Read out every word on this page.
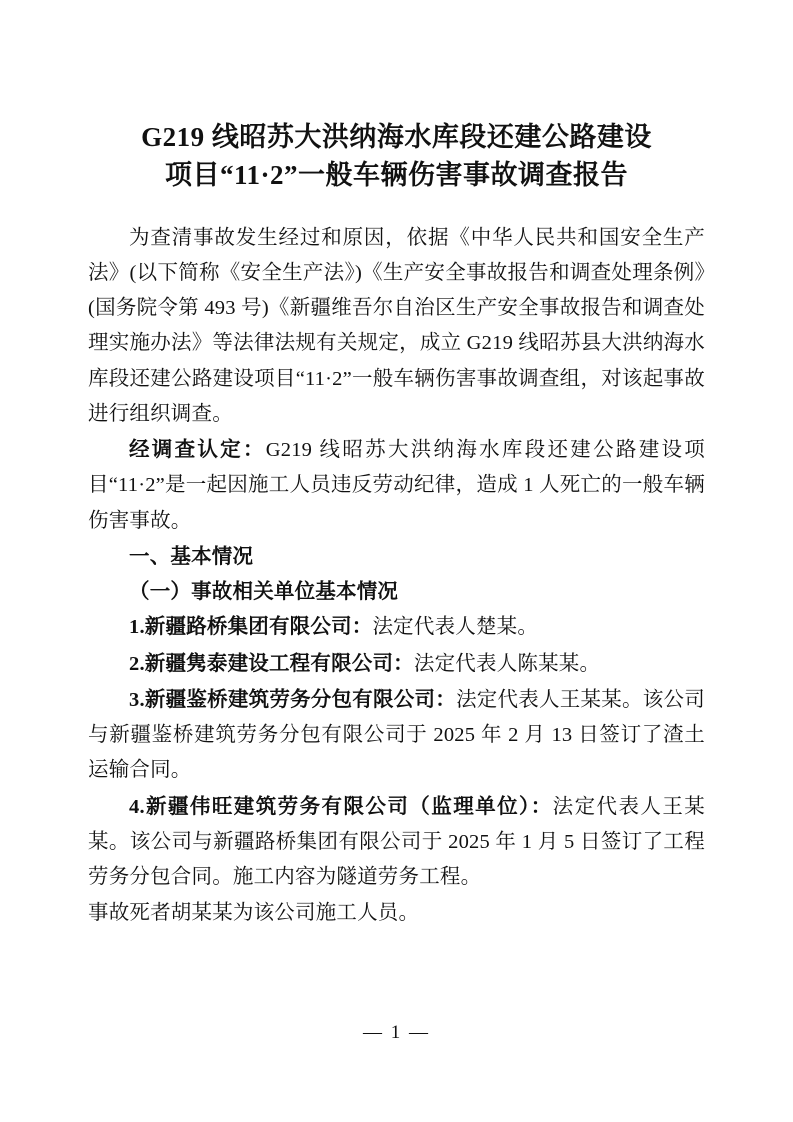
G219 线昭苏大洪纳海水库段还建公路建设
项目“11·2”一般车辆伤害事故调查报告

为查清事故发生经过和原因，依据《中华人民共和国安全生产法》(以下简称《安全生产法》)《生产安全事故报告和调查处理条例》(国务院令第 493 号)《新疆维吾尔自治区生产安全事故报告和调查处理实施办法》等法律法规有关规定，成立 G219 线昭苏县大洪纳海水库段还建公路建设项目“11·2”一般车辆伤害事故调查组，对该起事故进行组织调查。

经调查认定：G219 线昭苏大洪纳海水库段还建公路建设项目“11·2”是一起因施工人员违反劳动纪律，造成 1 人死亡的一般车辆伤害事故。

一、基本情况

（一）事故相关单位基本情况

1.新疆路桥集团有限公司：法定代表人楚某。

2.新疆隽泰建设工程有限公司：法定代表人陈某某。

3.新疆鉴桥建筑劳务分包有限公司：法定代表人王某某。该公司与新疆鉴桥建筑劳务分包有限公司于 2025 年 2 月 13 日签订了渣土运输合同。

4.新疆伟旺建筑劳务有限公司（监理单位）：法定代表人王某某。该公司与新疆路桥集团有限公司于 2025 年 1 月 5 日签订了工程劳务分包合同。施工内容为隧道劳务工程。

事故死者胡某某为该公司施工人员。

— 1 —
